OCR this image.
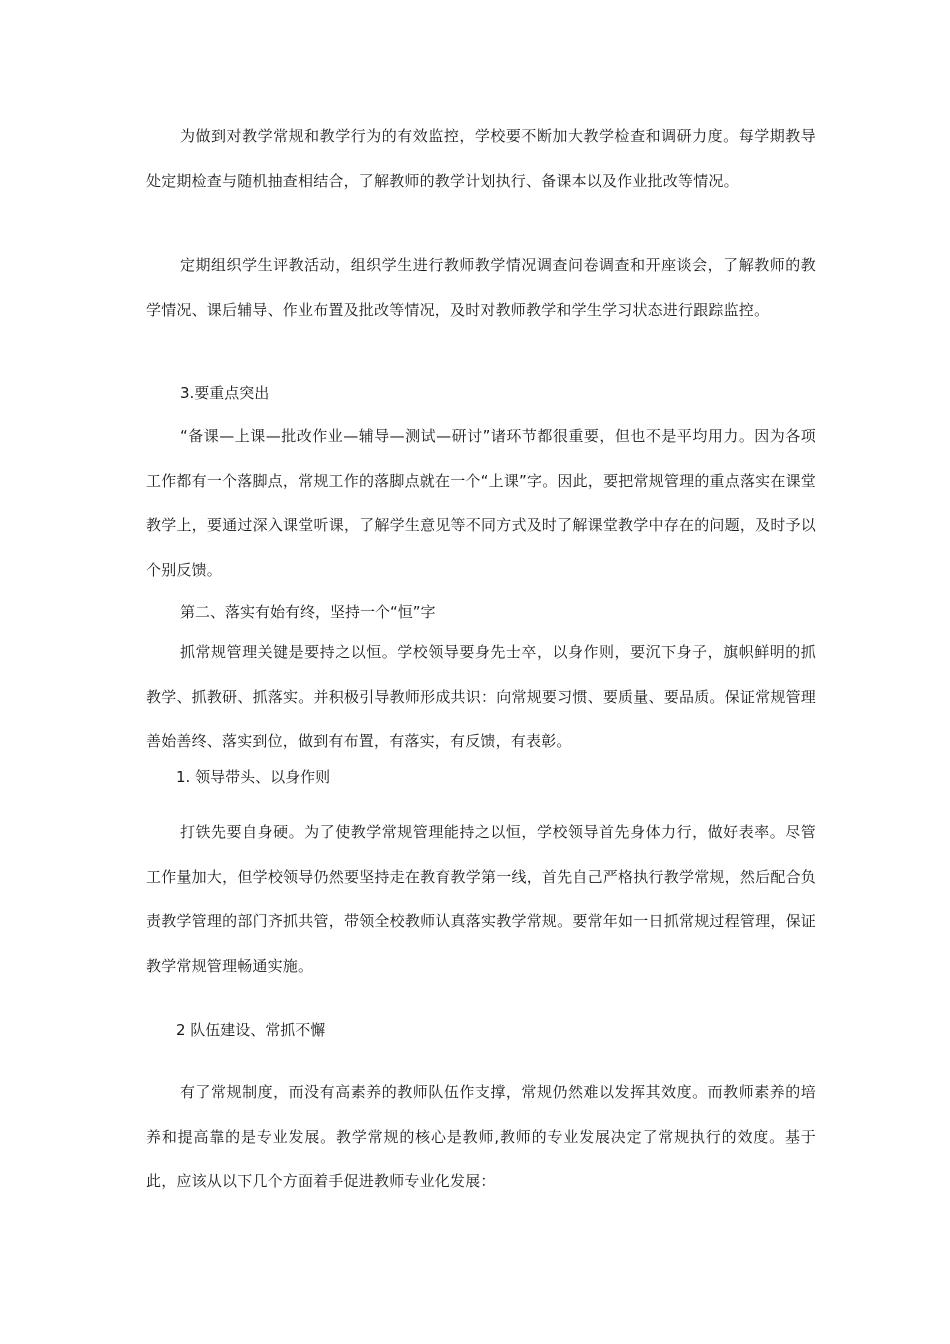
为做到对教学常规和教学行为的有效监控，学校要不断加大教学检查和调研力度。每学期教导处定期检查与随机抽查相结合，了解教师的教学计划执行、备课本以及作业批改等情况。

定期组织学生评教活动，组织学生进行教师教学情况调查问卷调查和开座谈会，了解教师的教学情况、课后辅导、作业布置及批改等情况，及时对教师教学和学生学习状态进行跟踪监控。

3.要重点突出

“备课—上课—批改作业—辅导—测试—研讨”诸环节都很重要，但也不是平均用力。因为各项工作都有一个落脚点，常规工作的落脚点就在一个“上课”字。因此，要把常规管理的重点落实在课堂教学上，要通过深入课堂听课，了解学生意见等不同方式及时了解课堂教学中存在的问题，及时予以个别反馈。

第二、落实有始有终，坚持一个“恒”字

抓常规管理关键是要持之以恒。学校领导要身先士卒，以身作则，要沉下身子，旗帜鲜明的抓教学、抓教研、抓落实。并积极引导教师形成共识：向常规要习惯、要质量、要品质。保证常规管理善始善终、落实到位，做到有布置，有落实，有反馈，有表彰。

1. 领导带头、以身作则

打铁先要自身硬。为了使教学常规管理能持之以恒，学校领导首先身体力行，做好表率。尽管工作量加大，但学校领导仍然要坚持走在教育教学第一线，首先自己严格执行教学常规，然后配合负责教学管理的部门齐抓共管，带领全校教师认真落实教学常规。要常年如一日抓常规过程管理，保证教学常规管理畅通实施。

2 队伍建设、常抓不懈

有了常规制度，而没有高素养的教师队伍作支撑，常规仍然难以发挥其效度。而教师素养的培养和提高靠的是专业发展。教学常规的核心是教师,教师的专业发展决定了常规执行的效度。基于此，应该从以下几个方面着手促进教师专业化发展：
